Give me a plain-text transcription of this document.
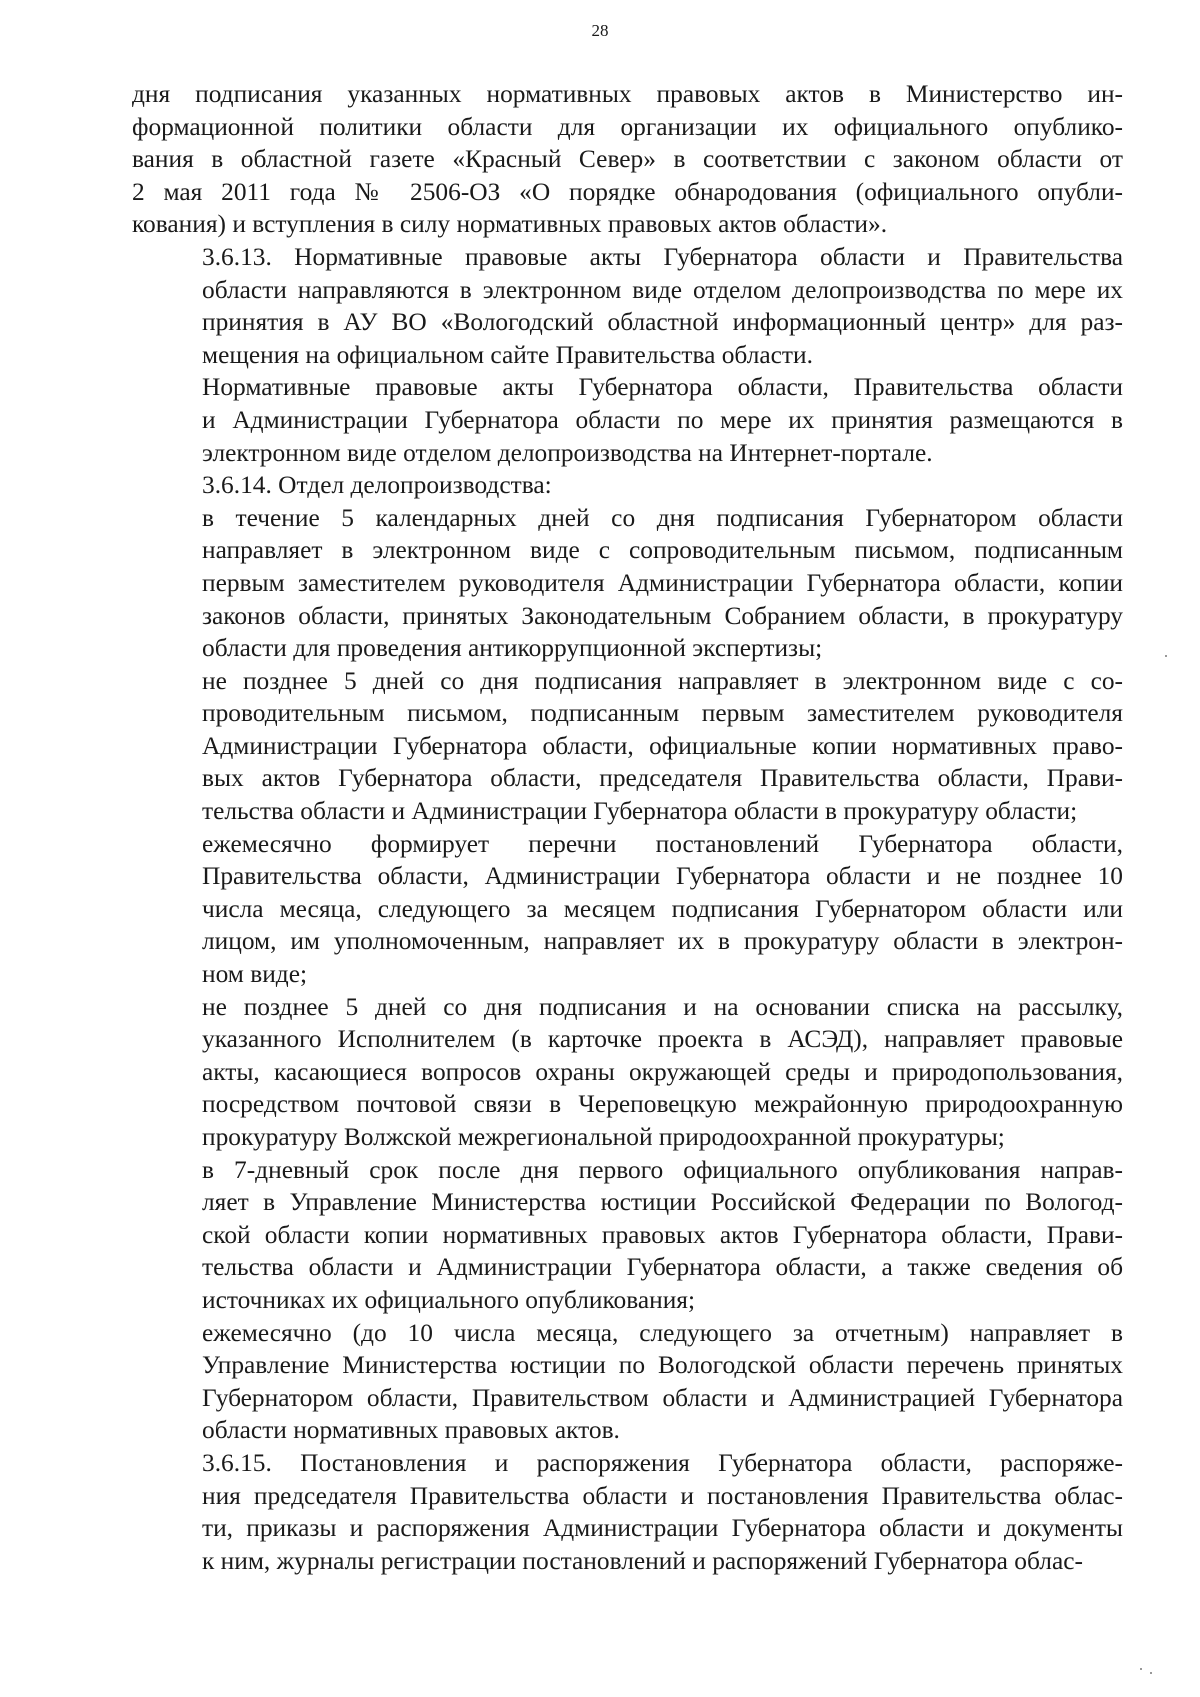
28
дня подписания указанных нормативных правовых актов в Министерство ин-
формационной политики области для организации их официального опублико-
вания в областной газете «Красный Север» в соответствии с законом области от
2 мая 2011 года № 2506-ОЗ «О порядке обнародования (официального опубли-
кования) и вступления в силу нормативных правовых актов области».
3.6.13. Нормативные правовые акты Губернатора области и Правительства
области направляются в электронном виде отделом делопроизводства по мере их
принятия в АУ ВО «Вологодский областной информационный центр» для раз-
мещения на официальном сайте Правительства области.
Нормативные правовые акты Губернатора области, Правительства области
и Администрации Губернатора области по мере их принятия размещаются в
электронном виде отделом делопроизводства на Интернет-портале.
3.6.14. Отдел делопроизводства:
в течение 5 календарных дней со дня подписания Губернатором области
направляет в электронном виде с сопроводительным письмом, подписанным
первым заместителем руководителя Администрации Губернатора области, копии
законов области, принятых Законодательным Собранием области, в прокуратуру
области для проведения антикоррупционной экспертизы;
не позднее 5 дней со дня подписания направляет в электронном виде с со-
проводительным письмом, подписанным первым заместителем руководителя
Администрации Губернатора области, официальные копии нормативных право-
вых актов Губернатора области, председателя Правительства области, Прави-
тельства области и Администрации Губернатора области в прокуратуру области;
ежемесячно формирует перечни постановлений Губернатора области,
Правительства области, Администрации Губернатора области и не позднее 10
числа месяца, следующего за месяцем подписания Губернатором области или
лицом, им уполномоченным, направляет их в прокуратуру области в электрон-
ном виде;
не позднее 5 дней со дня подписания и на основании списка на рассылку,
указанного Исполнителем (в карточке проекта в АСЭД), направляет правовые
акты, касающиеся вопросов охраны окружающей среды и природопользования,
посредством почтовой связи в Череповецкую межрайонную природоохранную
прокуратуру Волжской межрегиональной природоохранной прокуратуры;
в 7-дневный срок после дня первого официального опубликования направ-
ляет в Управление Министерства юстиции Российской Федерации по Вологод-
ской области копии нормативных правовых актов Губернатора области, Прави-
тельства области и Администрации Губернатора области, а также сведения об
источниках их официального опубликования;
ежемесячно (до 10 числа месяца, следующего за отчетным) направляет в
Управление Министерства юстиции по Вологодской области перечень принятых
Губернатором области, Правительством области и Администрацией Губернатора
области нормативных правовых актов.
3.6.15. Постановления и распоряжения Губернатора области, распоряже-
ния председателя Правительства области и постановления Правительства облас-
ти, приказы и распоряжения Администрации Губернатора области и документы
к ним, журналы регистрации постановлений и распоряжений Губернатора облас-
